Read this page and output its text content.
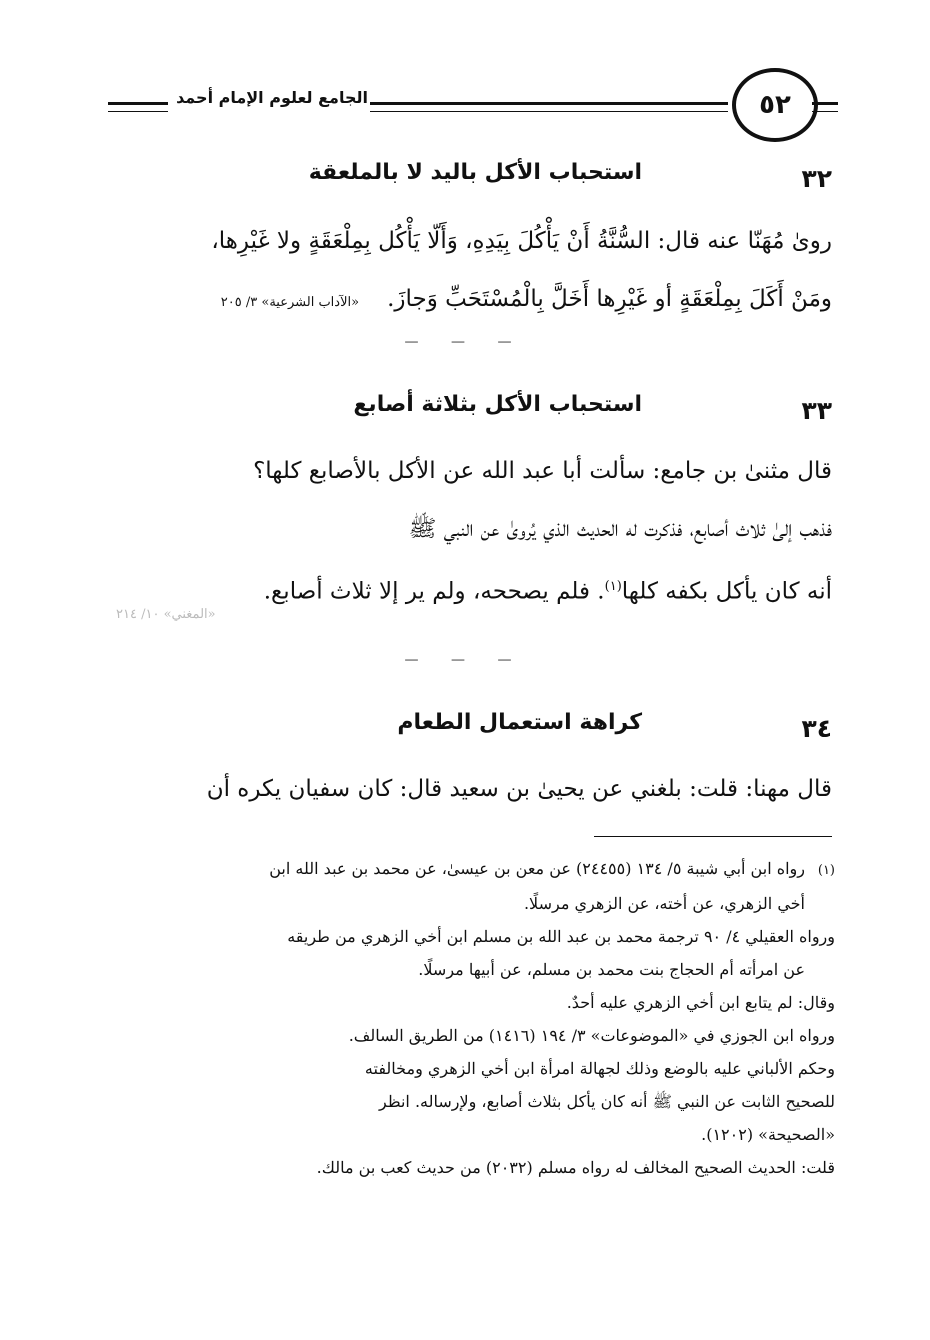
٥٢
الجامع لعلوم الإمام أحمد
٣٢
استحباب الأكل باليد لا بالملعقة
رویٰ مُهَنّا عنه قال: السُّنَّةُ أَنْ يَأْكُلَ بِيَدِهِ، وَأَلّا يَأْكُل بِمِلْعَقَةٍ ولا غَيْرِها،
ومَنْ أَكَلَ بِمِلْعَقَةٍ أو غَيْرِها أَخَلَّ بِالْمُسْتَحَبِّ وَجازَ.«الآداب الشرعية» ٣/ ٢٠٥
— — —
٣٣
استحباب الأكل بثلاثة أصابع
قال مثنىٰ بن جامع: سألت أبا عبد الله عن الأكل بالأصابع كلها؟
فذهب إلىٰ ثلاث أصابع، فذكرت له الحديث الذي يُروىٰ عن النبي ﷺ
أنه كان يأكل بكفه كلها$^{(١)}$. فلم يصححه، ولم ير إلا ثلاث أصابع.
«المغني» ١٠/ ٢١٤
— — —
٣٤
كراهة استعمال الطعام
قال مهنا: قلت: بلغني عن يحيىٰ بن سعيد قال: كان سفيان يكره أن
(١)رواه ابن أبي شيبة ٥/ ١٣٤ (٢٤٤٥٥) عن معن بن عيسىٰ، عن محمد بن عبد الله ابن
أخي الزهري، عن أخته، عن الزهري مرسلًا.
ورواه العقيلي ٤/ ٩٠ ترجمة محمد بن عبد الله بن مسلم ابن أخي الزهري من طريقه
عن امرأته أم الحجاج بنت محمد بن مسلم، عن أبيها مرسلًا.
وقال: لم يتابع ابن أخي الزهري عليه أحدٌ.
ورواه ابن الجوزي في «الموضوعات» ٣/ ١٩٤ (١٤١٦) من الطريق السالف.
وحكم الألباني عليه بالوضع وذلك لجهالة امرأة ابن أخي الزهري ومخالفته
للصحيح الثابت عن النبي ﷺ أنه كان يأكل بثلاث أصابع، ولإرساله. انظر
«الصحيحة» (١٢٠٢).
قلت: الحديث الصحيح المخالف له رواه مسلم (٢٠٣٢) من حديث كعب بن مالك.
